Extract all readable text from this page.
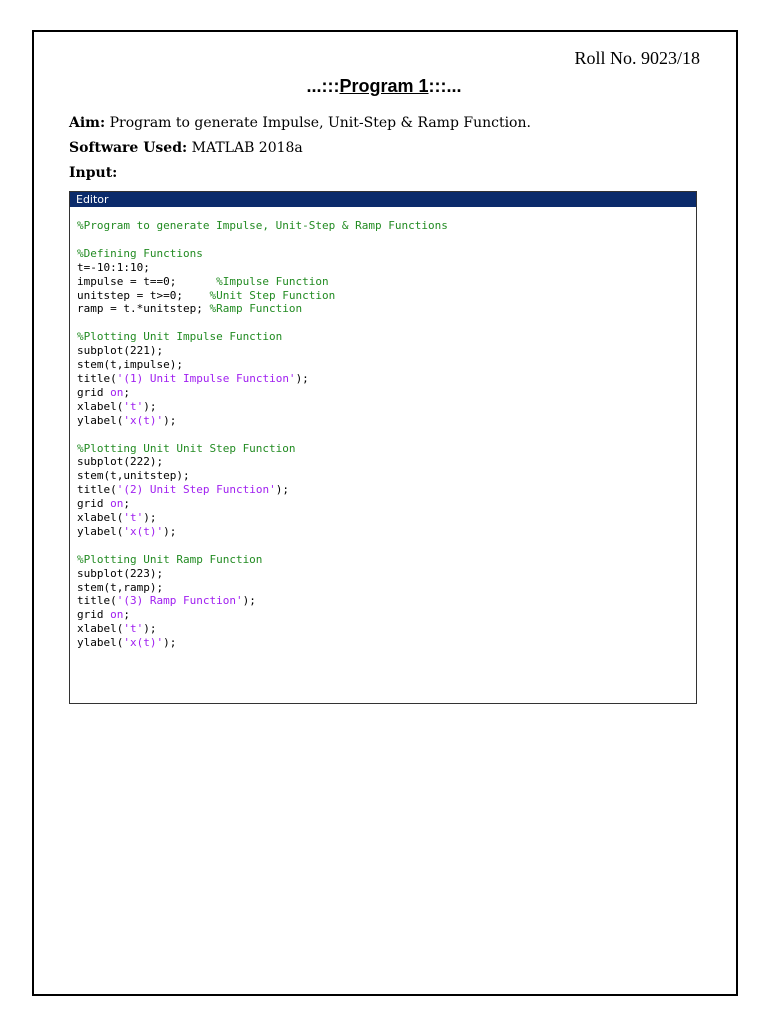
Roll No. 9023/18
...:::Program 1:::...
Aim: Program to generate Impulse, Unit-Step & Ramp Function.
Software Used: MATLAB 2018a
Input:
Editor
%Program to generate Impulse, Unit-Step & Ramp Functions

%Defining Functions
t=-10:1:10;
impulse = t==0;      %Impulse Function
unitstep = t>=0;    %Unit Step Function
ramp = t.*unitstep; %Ramp Function

%Plotting Unit Impulse Function
subplot(221);
stem(t,impulse);
title('(1) Unit Impulse Function');
grid on;
xlabel('t');
ylabel('x(t)');

%Plotting Unit Unit Step Function
subplot(222);
stem(t,unitstep);
title('(2) Unit Step Function');
grid on;
xlabel('t');
ylabel('x(t)');

%Plotting Unit Ramp Function
subplot(223);
stem(t,ramp);
title('(3) Ramp Function');
grid on;
xlabel('t');
ylabel('x(t)');
